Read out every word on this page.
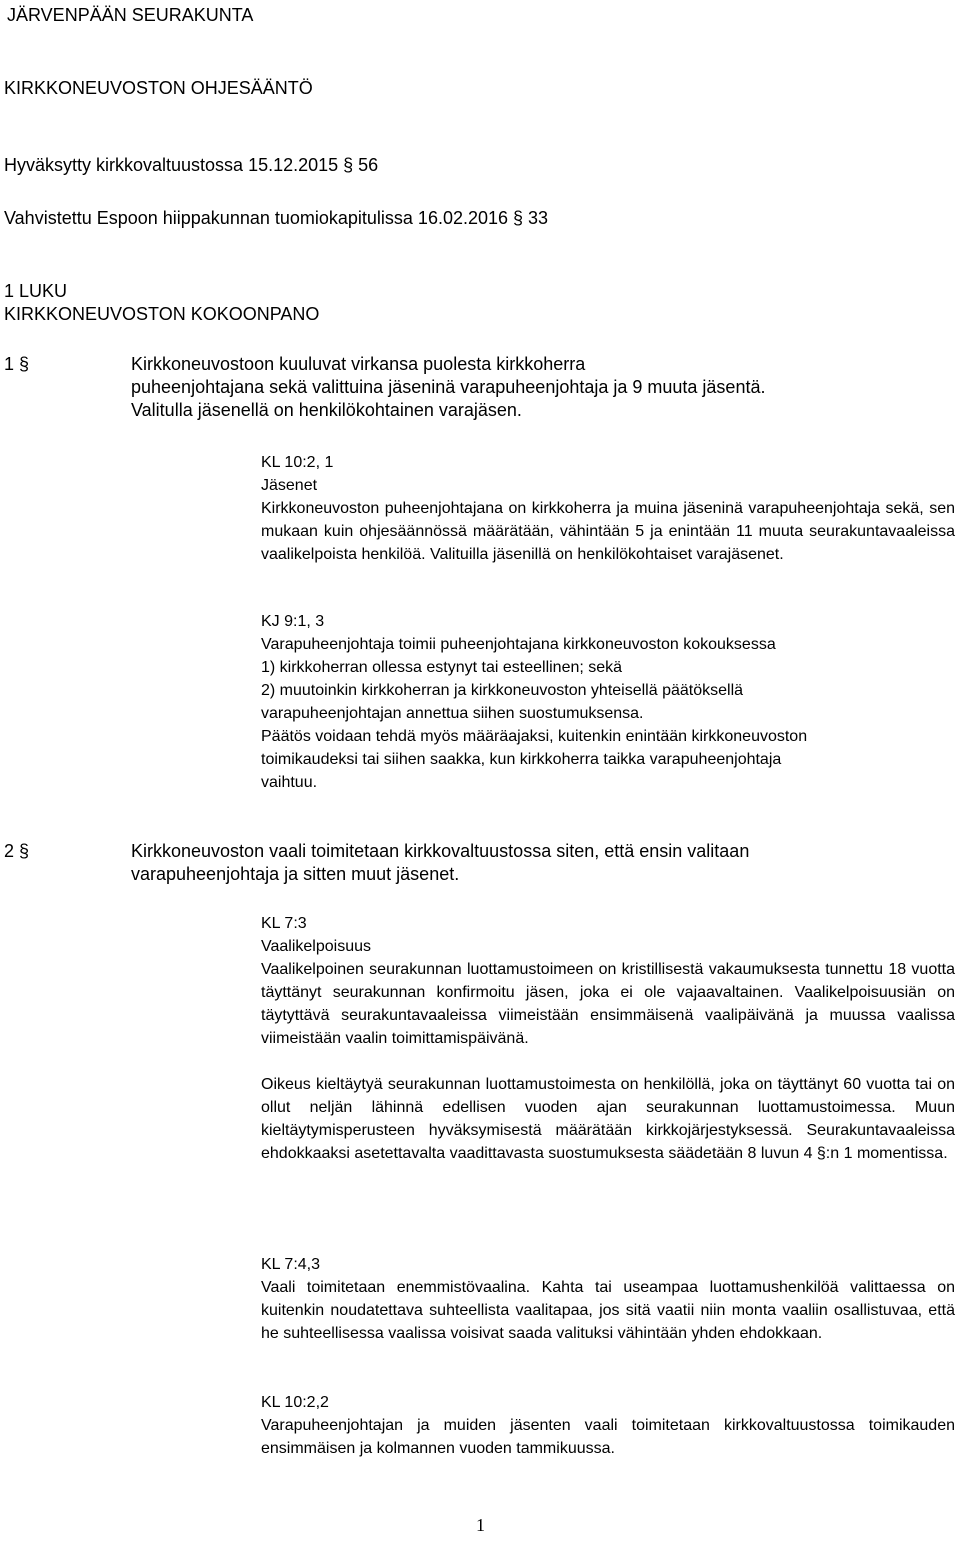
JÄRVENPÄÄN SEURAKUNTA
KIRKKONEUVOSTON OHJESÄÄNTÖ
Hyväksytty kirkkovaltuustossa 15.12.2015 § 56
Vahvistettu Espoon hiippakunnan tuomiokapitulissa 16.02.2016 § 33
1 LUKU
KIRKKONEUVOSTON KOKOONPANO
1 §	Kirkkoneuvostoon kuuluvat virkansa puolesta kirkkoherra
puheenjohtajana sekä valittuina jäseninä varapuheenjohtaja ja 9 muuta jäsentä.
Valitulla jäsenellä on henkilökohtainen varajäsen.
KL 10:2, 1
Jäsenet
Kirkkoneuvoston puheenjohtajana on kirkkoherra ja muina jäseninä varapuheenjohtaja sekä, sen mukaan kuin ohjesäännössä määrätään, vähintään 5 ja enintään 11 muuta seurakuntavaaleissa vaalikelpoista henkilöä. Valituilla jäsenillä on henkilökohtaiset varajäsenet.
KJ 9:1, 3
Varapuheenjohtaja toimii puheenjohtajana kirkkoneuvoston kokouksessa
1) kirkkoherran ollessa estynyt tai esteellinen; sekä
2) muutoinkin kirkkoherran ja kirkkoneuvoston yhteisellä päätöksellä
varapuheenjohtajan annettua siihen suostumuksensa.
Päätös voidaan tehdä myös määräajaksi, kuitenkin enintään kirkkoneuvoston
toimikaudeksi tai siihen saakka, kun kirkkoherra taikka varapuheenjohtaja
vaihtuu.
2 §	Kirkkoneuvoston vaali toimitetaan kirkkovaltuustossa siten, että ensin valitaan
varapuheenjohtaja ja sitten muut jäsenet.
KL 7:3
Vaalikelpoisuus
Vaalikelpoinen seurakunnan luottamustoimeen on kristillisestä vakaumuksesta tunnettu 18 vuotta täyttänyt seurakunnan konfirmoitu jäsen, joka ei ole vajaavaltainen. Vaalikelpoisuusiän on täytyttävä seurakuntavaaleissa viimeistään ensimmäisenä vaalipäivänä ja muussa vaalissa viimeistään vaalin toimittamispäivänä.
Oikeus kieltäytyä seurakunnan luottamustoimesta on henkilöllä, joka on täyttänyt 60 vuotta tai on ollut neljän lähinnä edellisen vuoden ajan seurakunnan luottamustoimessa. Muun kieltäytymisperusteen hyväksymisestä määrätään kirkkojärjestyksessä. Seurakuntavaaleissa ehdokkaaksi asetettavalta vaadittavasta suostumuksesta säädetään 8 luvun 4 §:n 1 momentissa.
KL 7:4,3
Vaali toimitetaan enemmistövaalina. Kahta tai useampaa luottamushenkilöä valittaessa on kuitenkin noudatettava suhteellista vaalitapaa, jos sitä vaatii niin monta vaaliin osallistuvaa, että he suhteellisessa vaalissa voisivat saada valituksi vähintään yhden ehdokkaan.
KL 10:2,2
Varapuheenjohtajan ja muiden jäsenten vaali toimitetaan kirkkovaltuustossa toimikauden ensimmäisen ja kolmannen vuoden tammikuussa.
1
